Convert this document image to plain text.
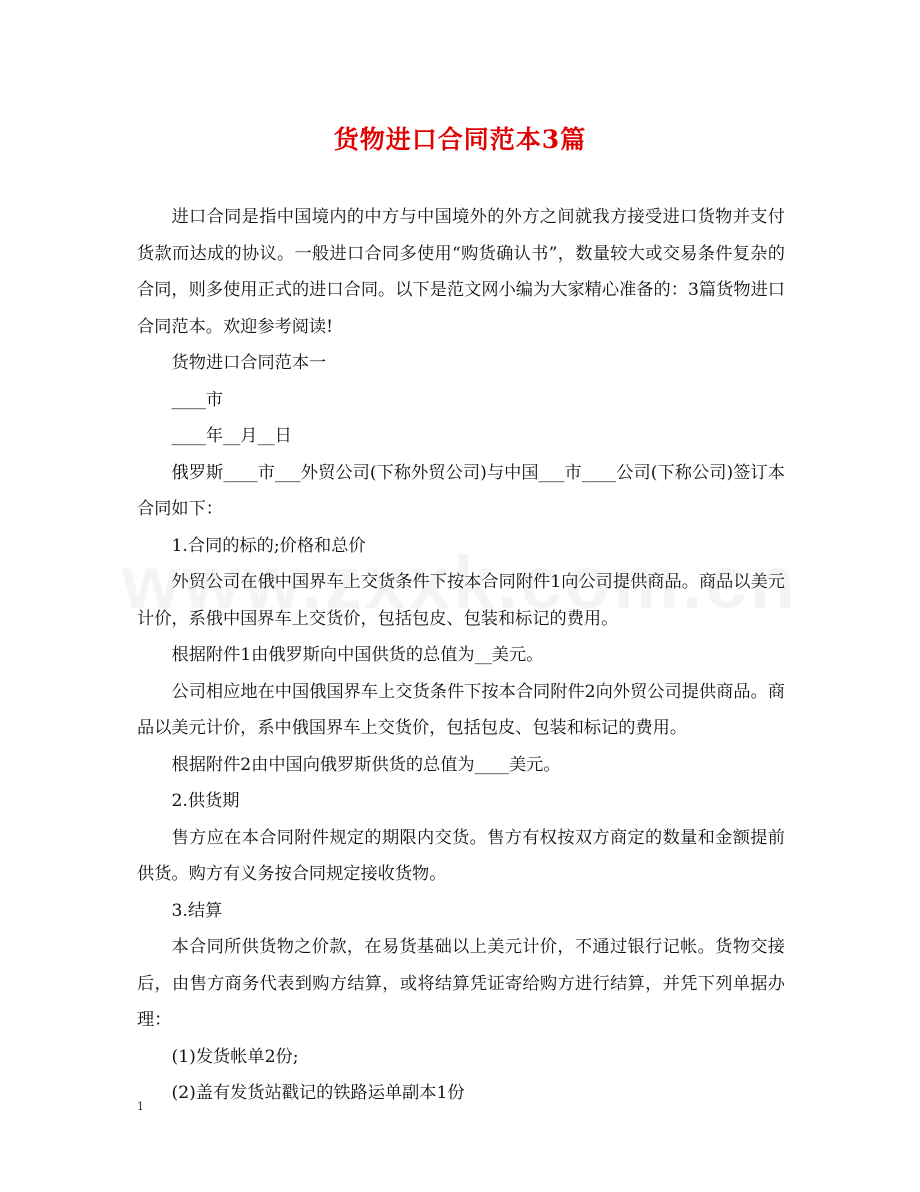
货物进口合同范本3篇

进口合同是指中国境内的中方与中国境外的外方之间就我方接受进口货物并支付货款而达成的协议。一般进口合同多使用“购货确认书”，数量较大或交易条件复杂的合同，则多使用正式的进口合同。以下是范文网小编为大家精心准备的：3篇货物进口合同范本。欢迎参考阅读!

货物进口合同范本一

____市

____年__月__日

俄罗斯____市___外贸公司(下称外贸公司)与中国___市____公司(下称公司)签订本合同如下：

1.合同的标的;价格和总价

外贸公司在俄中国界车上交货条件下按本合同附件1向公司提供商品。商品以美元计价，系俄中国界车上交货价，包括包皮、包装和标记的费用。

根据附件1由俄罗斯向中国供货的总值为__美元。

公司相应地在中国俄国界车上交货条件下按本合同附件2向外贸公司提供商品。商品以美元计价，系中俄国界车上交货价，包括包皮、包装和标记的费用。

根据附件2由中国向俄罗斯供货的总值为____美元。

2.供货期

售方应在本合同附件规定的期限内交货。售方有权按双方商定的数量和金额提前供货。购方有义务按合同规定接收货物。

3.结算

本合同所供货物之价款，在易货基础以上美元计价，不通过银行记帐。货物交接后，由售方商务代表到购方结算，或将结算凭证寄给购方进行结算，并凭下列单据办理：

(1)发货帐单2份;

(2)盖有发货站戳记的铁路运单副本1份

1
